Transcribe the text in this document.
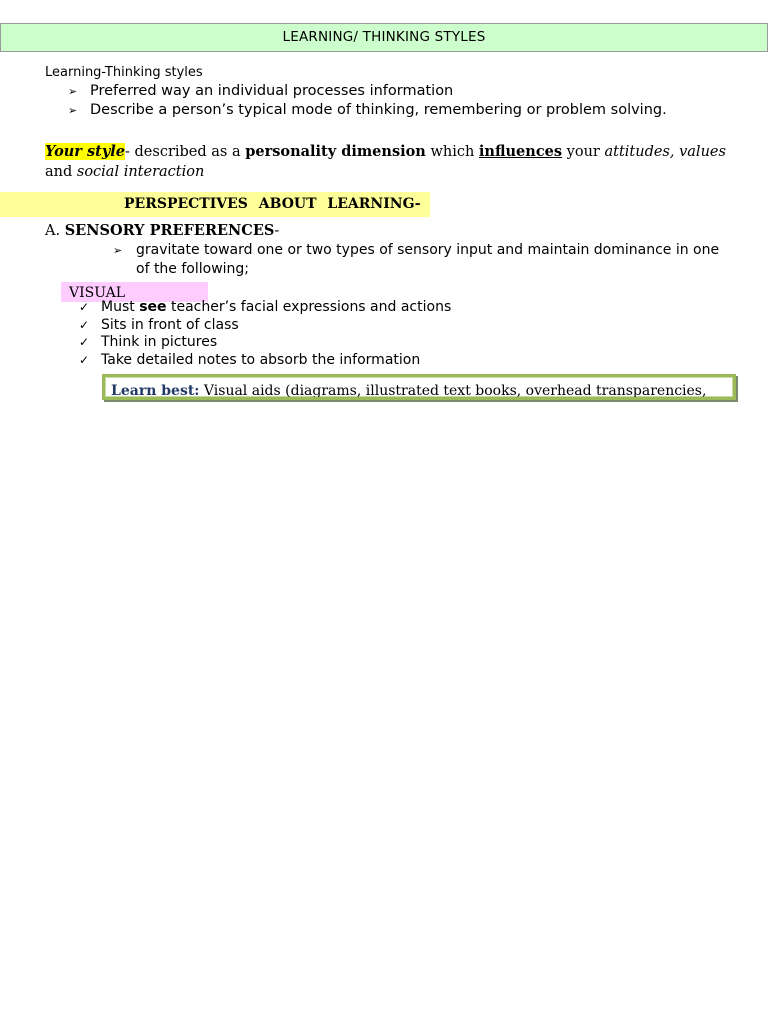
LEARNING/ THINKING STYLES
Learning-Thinking styles
➢ Preferred way an individual processes information
➢ Describe a person’s typical mode of thinking, remembering or problem solving.
Your style- described as a personality dimension which influences your attitudes, values
and social interaction
PERSPECTIVES ABOUT LEARNING-
A. SENSORY PREFERENCES-
➢ gravitate toward one or two types of sensory input and maintain dominance in one of the following;
VISUAL
✓ Must see teacher’s facial expressions and actions
✓ Sits in front of class
✓ Think in pictures
✓ Take detailed notes to absorb the information
Learn best: Visual aids (diagrams, illustrated text books, overhead transparencies,
